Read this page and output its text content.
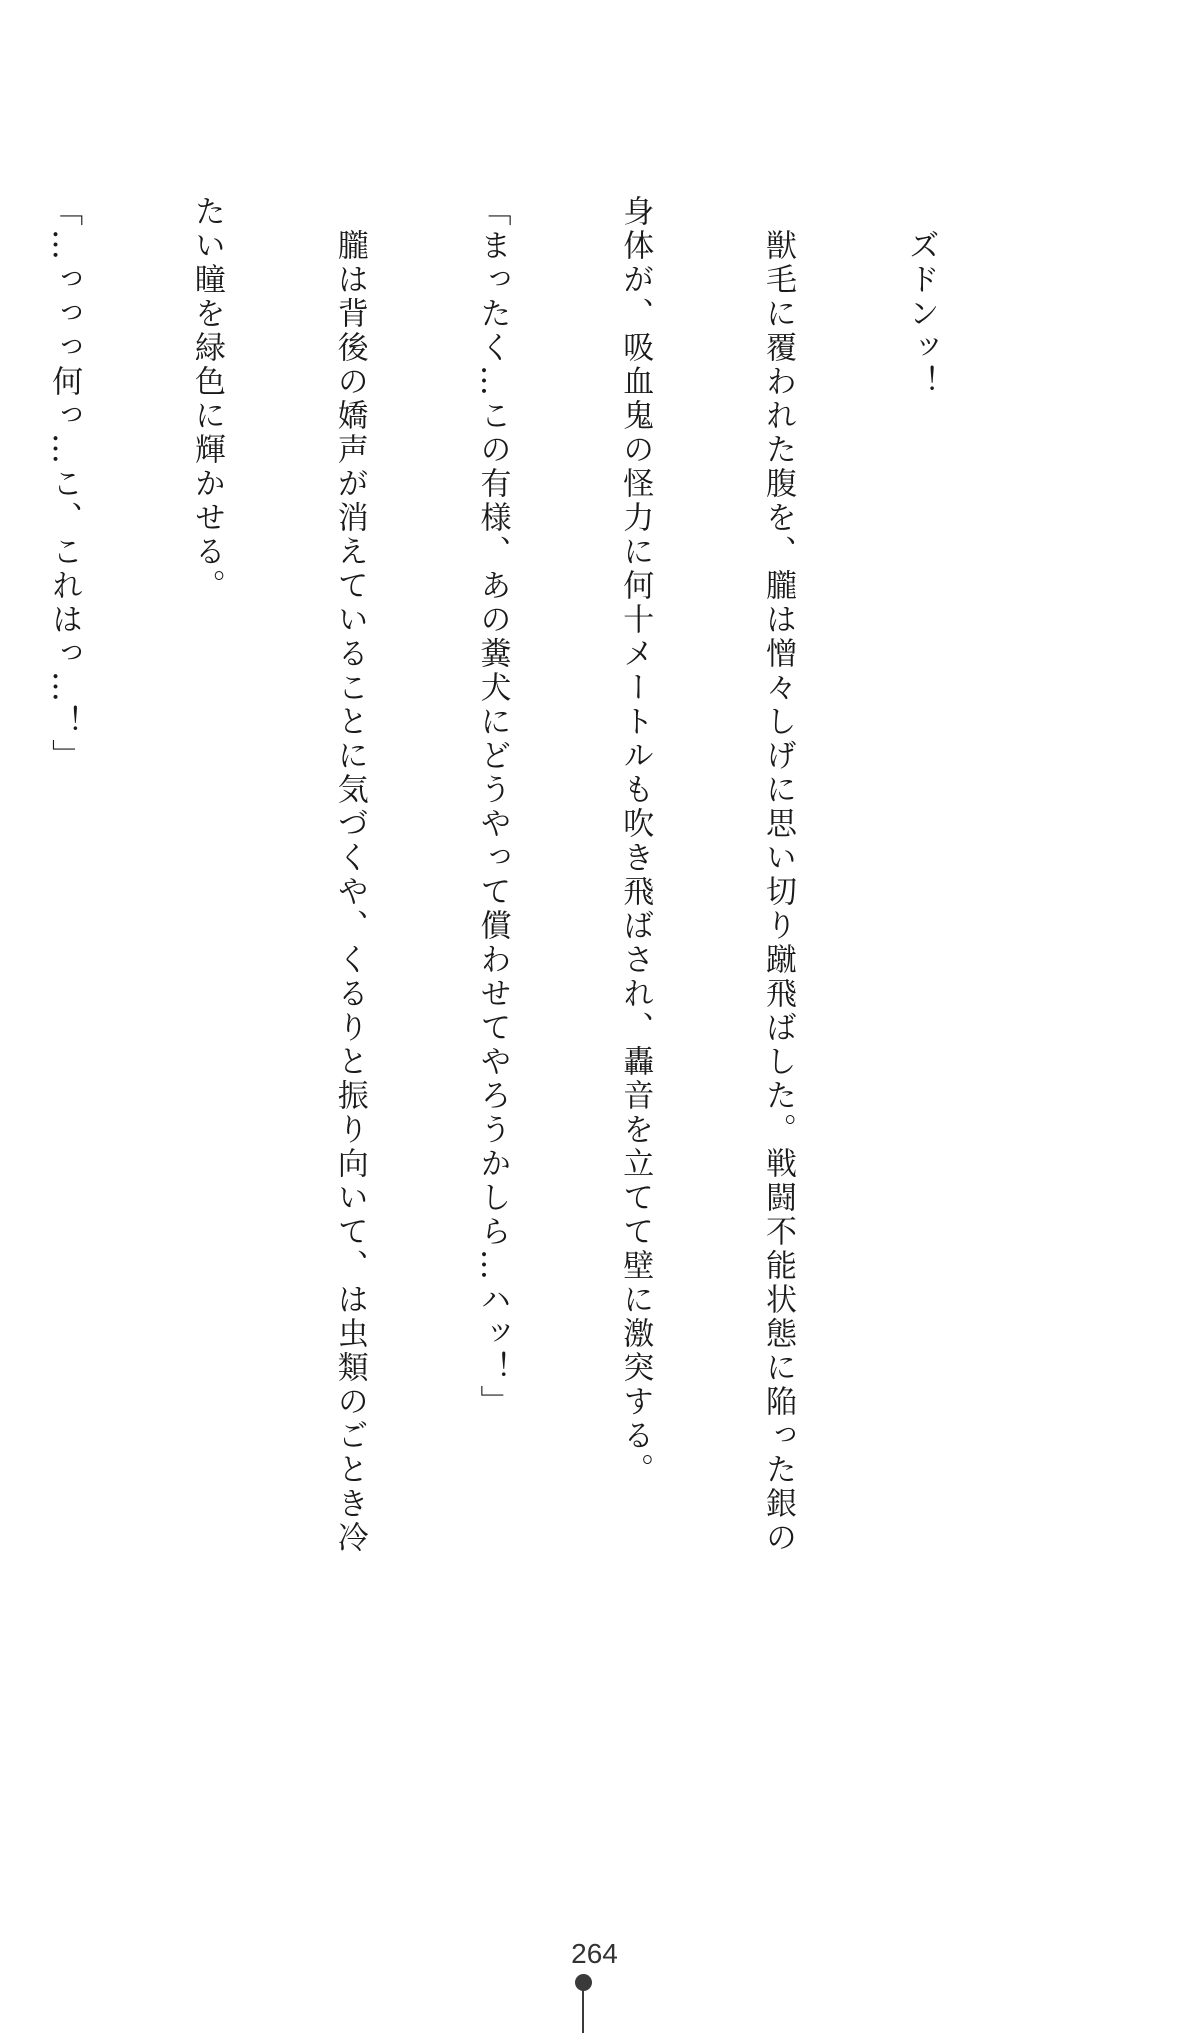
　ズドンッ！

　獣毛に覆われた腹を、朧は憎々しげに思い切り蹴飛ばした。戦闘不能状態に陥った銀の

身体が、吸血鬼の怪力に何十メートルも吹き飛ばされ、轟音を立てて壁に激突する。

「まったく…この有様、あの糞犬にどうやって償わせてやろうかしら…ハッ！」

　朧は背後の嬌声が消えていることに気づくや、くるりと振り向いて、は虫類のごとき冷

たい瞳を緑色に輝かせる。

「…っっっ何っ…こ、これはっ…！」

264
